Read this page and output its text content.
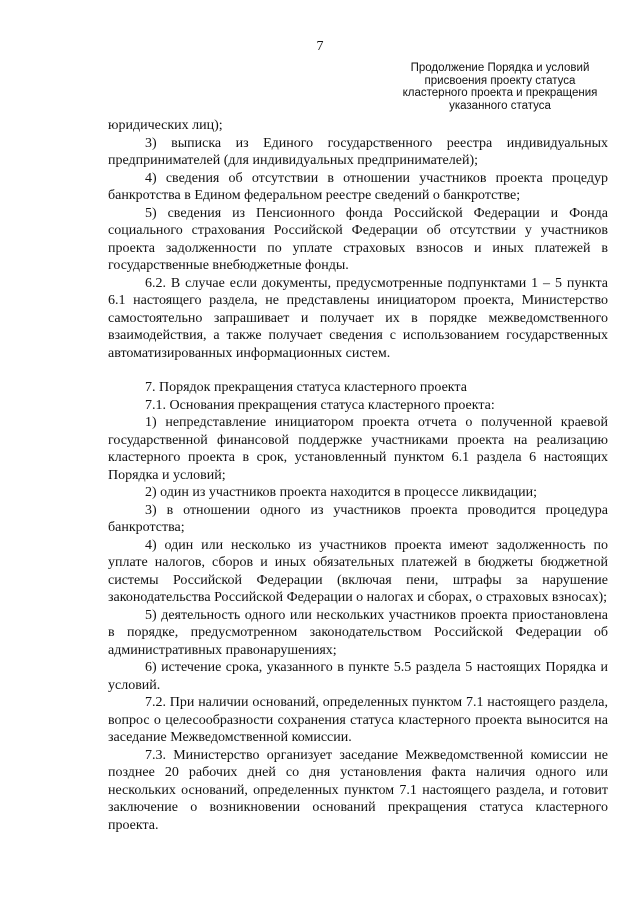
7
Продолжение Порядка и условий
присвоения проекту статуса
кластерного проекта и прекращения
указанного статуса

юридических лиц);

3) выписка из Единого государственного реестра индивидуальных предпринимателей (для индивидуальных предпринимателей);

4) сведения об отсутствии в отношении участников проекта процедур банкротства в Едином федеральном реестре сведений о банкротстве;

5) сведения из Пенсионного фонда Российской Федерации и Фонда социального страхования Российской Федерации об отсутствии у участников проекта задолженности по уплате страховых взносов и иных платежей в государственные внебюджетные фонды.

6.2. В случае если документы, предусмотренные подпунктами 1 – 5 пункта 6.1 настоящего раздела, не представлены инициатором проекта, Министерство самостоятельно запрашивает и получает их в порядке межведомственного взаимодействия, а также получает сведения с использованием государственных автоматизированных информационных систем.

7. Порядок прекращения статуса кластерного проекта

7.1. Основания прекращения статуса кластерного проекта:

1) непредставление инициатором проекта отчета о полученной краевой государственной финансовой поддержке участниками проекта на реализацию кластерного проекта в срок, установленный пунктом 6.1 раздела 6 настоящих Порядка и условий;

2) один из участников проекта находится в процессе ликвидации;

3) в отношении одного из участников проекта проводится процедура банкротства;

4) один или несколько из участников проекта имеют задолженность по уплате налогов, сборов и иных обязательных платежей в бюджеты бюджетной системы Российской Федерации (включая пени, штрафы за нарушение законодательства Российской Федерации о налогах и сборах, о страховых взносах);

5) деятельность одного или нескольких участников проекта приостановлена в порядке, предусмотренном законодательством Российской Федерации об административных правонарушениях;

6) истечение срока, указанного в пункте 5.5 раздела 5 настоящих Порядка и условий.

7.2. При наличии оснований, определенных пунктом 7.1 настоящего раздела, вопрос о целесообразности сохранения статуса кластерного проекта выносится на заседание Межведомственной комиссии.

7.3. Министерство организует заседание Межведомственной комиссии не позднее 20 рабочих дней со дня установления факта наличия одного или нескольких оснований, определенных пунктом 7.1 настоящего раздела, и готовит заключение о возникновении оснований прекращения статуса кластерного проекта.
